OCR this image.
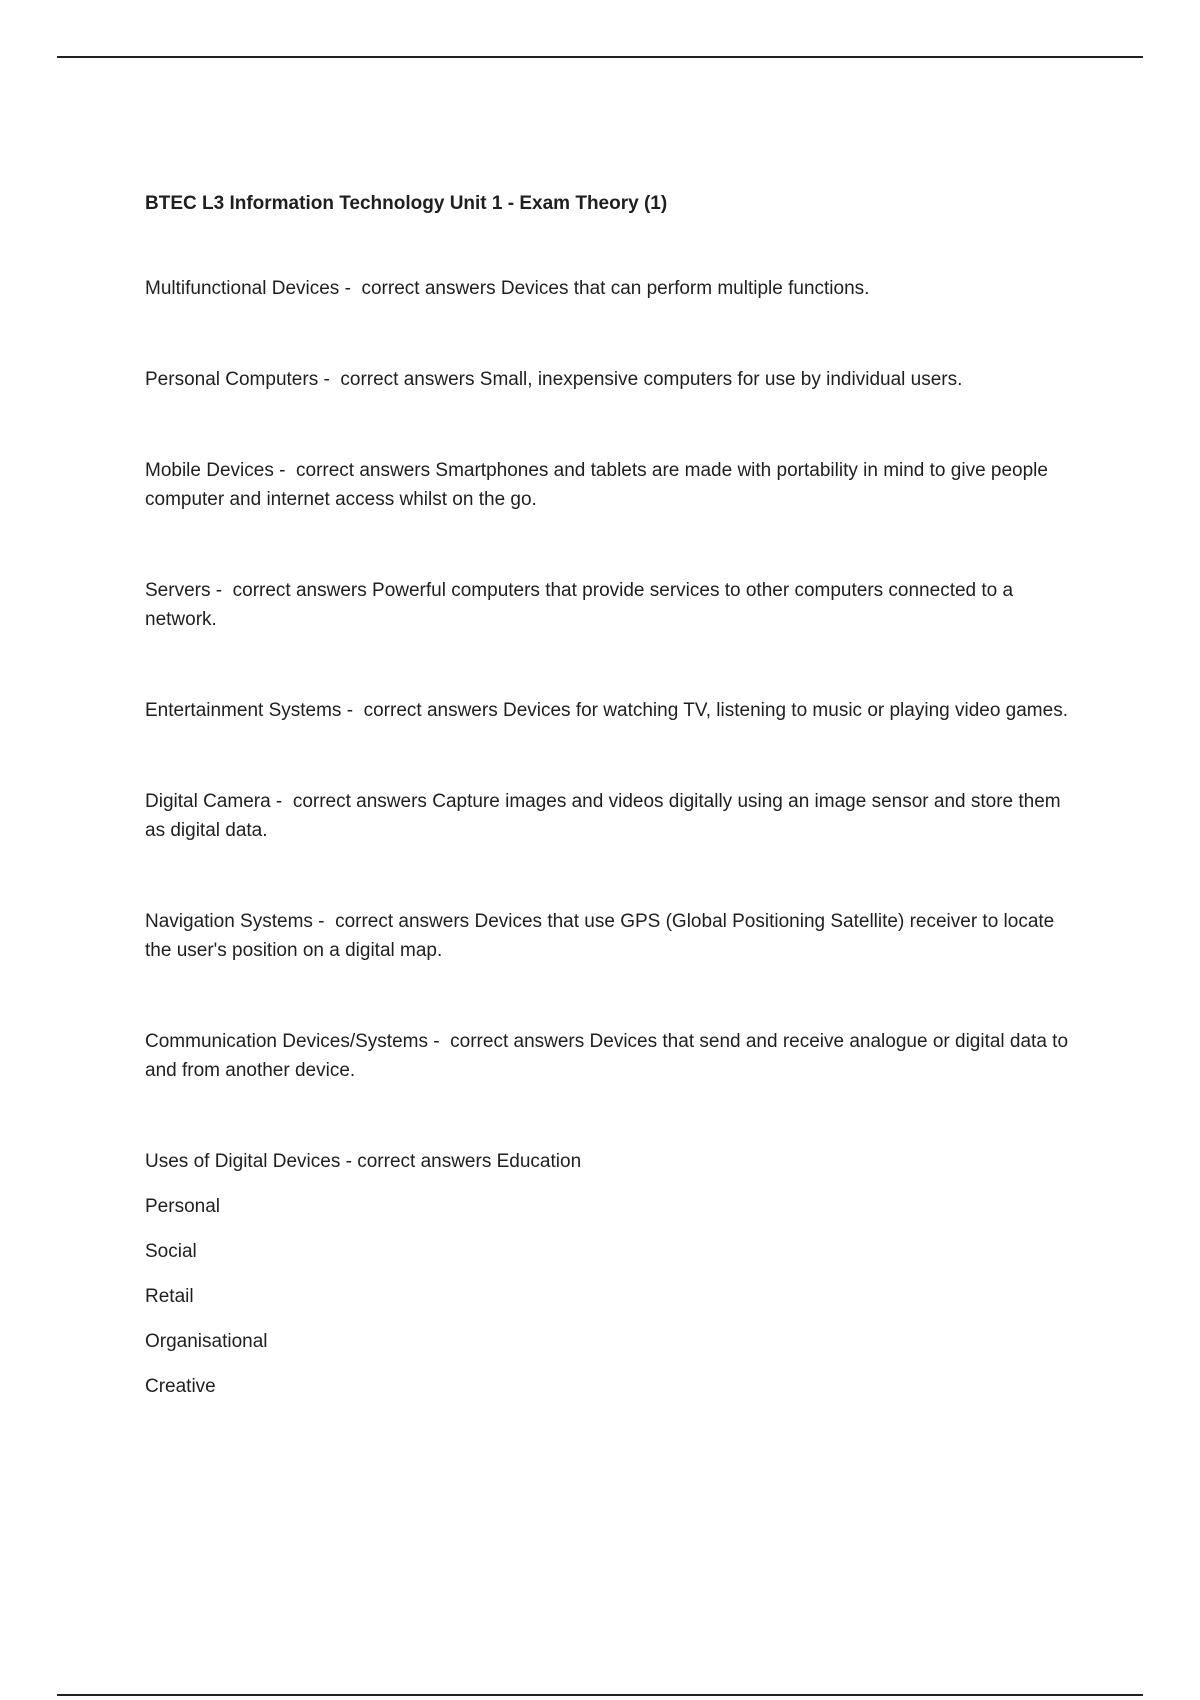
BTEC L3 Information Technology Unit 1 - Exam Theory (1)
Multifunctional Devices -  correct answers Devices that can perform multiple functions.
Personal Computers -  correct answers Small, inexpensive computers for use by individual users.
Mobile Devices -  correct answers Smartphones and tablets are made with portability in mind to give people computer and internet access whilst on the go.
Servers -  correct answers Powerful computers that provide services to other computers connected to a network.
Entertainment Systems -  correct answers Devices for watching TV, listening to music or playing video games.
Digital Camera -  correct answers Capture images and videos digitally using an image sensor and store them as digital data.
Navigation Systems -  correct answers Devices that use GPS (Global Positioning Satellite) receiver to locate the user's position on a digital map.
Communication Devices/Systems -  correct answers Devices that send and receive analogue or digital data to and from another device.
Uses of Digital Devices - correct answers Education
Personal
Social
Retail
Organisational
Creative
